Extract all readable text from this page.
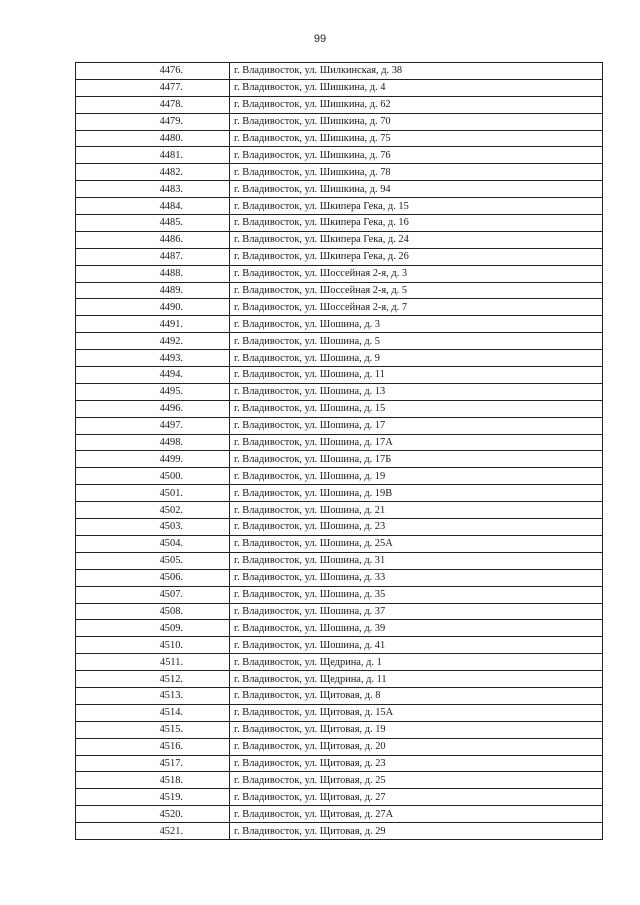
99
4476.	г. Владивосток, ул. Шилкинская, д. 38
4477.	г. Владивосток, ул. Шишкина, д. 4
4478.	г. Владивосток, ул. Шишкина, д. 62
4479.	г. Владивосток, ул. Шишкина, д. 70
4480.	г. Владивосток, ул. Шишкина, д. 75
4481.	г. Владивосток, ул. Шишкина, д. 76
4482.	г. Владивосток, ул. Шишкина, д. 78
4483.	г. Владивосток, ул. Шишкина, д. 94
4484.	г. Владивосток, ул. Шкипера Гека, д. 15
4485.	г. Владивосток, ул. Шкипера Гека, д. 16
4486.	г. Владивосток, ул. Шкипера Гека, д. 24
4487.	г. Владивосток, ул. Шкипера Гека, д. 26
4488.	г. Владивосток, ул. Шоссейная 2-я, д. 3
4489.	г. Владивосток, ул. Шоссейная 2-я, д. 5
4490.	г. Владивосток, ул. Шоссейная 2-я, д. 7
4491.	г. Владивосток, ул. Шошина, д. 3
4492.	г. Владивосток, ул. Шошина, д. 5
4493.	г. Владивосток, ул. Шошина, д. 9
4494.	г. Владивосток, ул. Шошина, д. 11
4495.	г. Владивосток, ул. Шошина, д. 13
4496.	г. Владивосток, ул. Шошина, д. 15
4497.	г. Владивосток, ул. Шошина, д. 17
4498.	г. Владивосток, ул. Шошина, д. 17А
4499.	г. Владивосток, ул. Шошина, д. 17Б
4500.	г. Владивосток, ул. Шошина, д. 19
4501.	г. Владивосток, ул. Шошина, д. 19В
4502.	г. Владивосток, ул. Шошина, д. 21
4503.	г. Владивосток, ул. Шошина, д. 23
4504.	г. Владивосток, ул. Шошина, д. 25А
4505.	г. Владивосток, ул. Шошина, д. 31
4506.	г. Владивосток, ул. Шошина, д. 33
4507.	г. Владивосток, ул. Шошина, д. 35
4508.	г. Владивосток, ул. Шошина, д. 37
4509.	г. Владивосток, ул. Шошина, д. 39
4510.	г. Владивосток, ул. Шошина, д. 41
4511.	г. Владивосток, ул. Щедрина, д. 1
4512.	г. Владивосток, ул. Щедрина, д. 11
4513.	г. Владивосток, ул. Щитовая, д. 8
4514.	г. Владивосток, ул. Щитовая, д. 15А
4515.	г. Владивосток, ул. Щитовая, д. 19
4516.	г. Владивосток, ул. Щитовая, д. 20
4517.	г. Владивосток, ул. Щитовая, д. 23
4518.	г. Владивосток, ул. Щитовая, д. 25
4519.	г. Владивосток, ул. Щитовая, д. 27
4520.	г. Владивосток, ул. Щитовая, д. 27А
4521.	г. Владивосток, ул. Щитовая, д. 29
